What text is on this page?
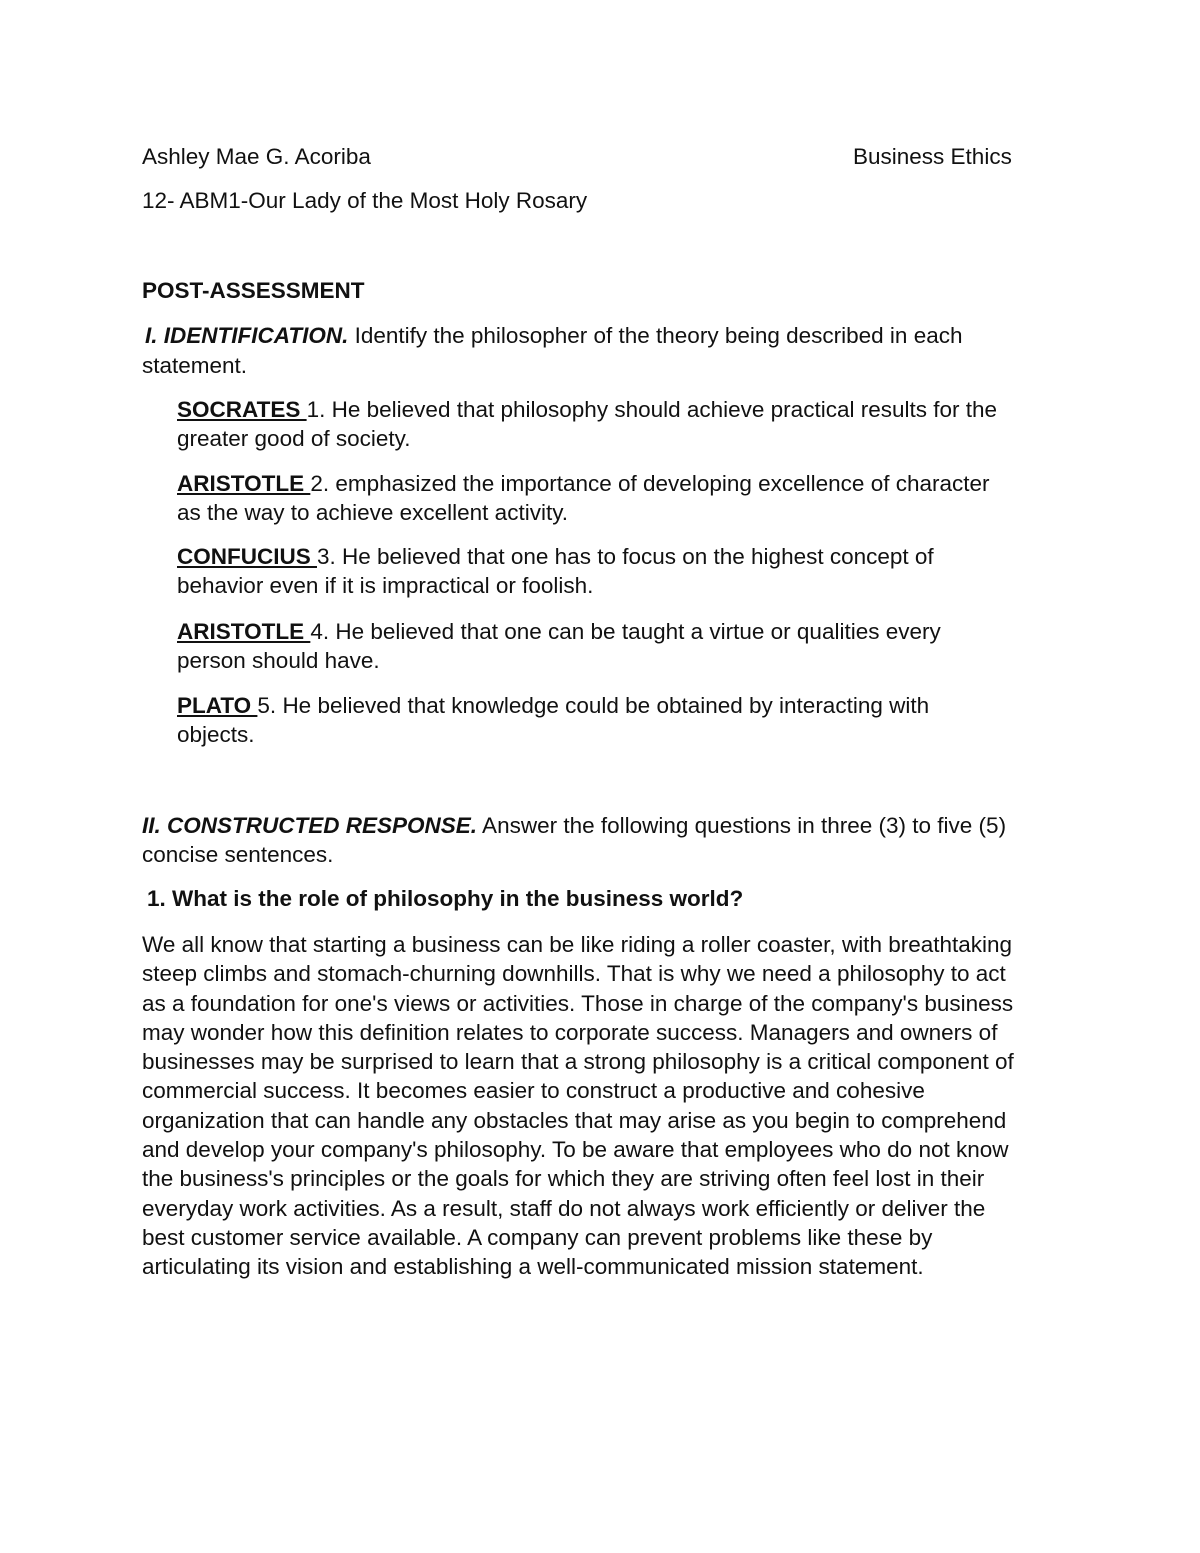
Ashley Mae G. Acoriba	Business Ethics
12- ABM1-Our Lady of the Most Holy Rosary
POST-ASSESSMENT
I. IDENTIFICATION. Identify the philosopher of the theory being described in each
statement.
SOCRATES 1. He believed that philosophy should achieve practical results for the
greater good of society.
ARISTOTLE 2. emphasized the importance of developing excellence of character
as the way to achieve excellent activity.
CONFUCIUS 3. He believed that one has to focus on the highest concept of
behavior even if it is impractical or foolish.
ARISTOTLE 4. He believed that one can be taught a virtue or qualities every
person should have.
PLATO 5. He believed that knowledge could be obtained by interacting with
objects.
II. CONSTRUCTED RESPONSE. Answer the following questions in three (3) to five (5)
concise sentences.
1. What is the role of philosophy in the business world?
We all know that starting a business can be like riding a roller coaster, with breathtaking
steep climbs and stomach-churning downhills. That is why we need a philosophy to act
as a foundation for one's views or activities. Those in charge of the company's business
may wonder how this definition relates to corporate success. Managers and owners of
businesses may be surprised to learn that a strong philosophy is a critical component of
commercial success. It becomes easier to construct a productive and cohesive
organization that can handle any obstacles that may arise as you begin to comprehend
and develop your company's philosophy. To be aware that employees who do not know
the business's principles or the goals for which they are striving often feel lost in their
everyday work activities. As a result, staff do not always work efficiently or deliver the
best customer service available. A company can prevent problems like these by
articulating its vision and establishing a well-communicated mission statement.
